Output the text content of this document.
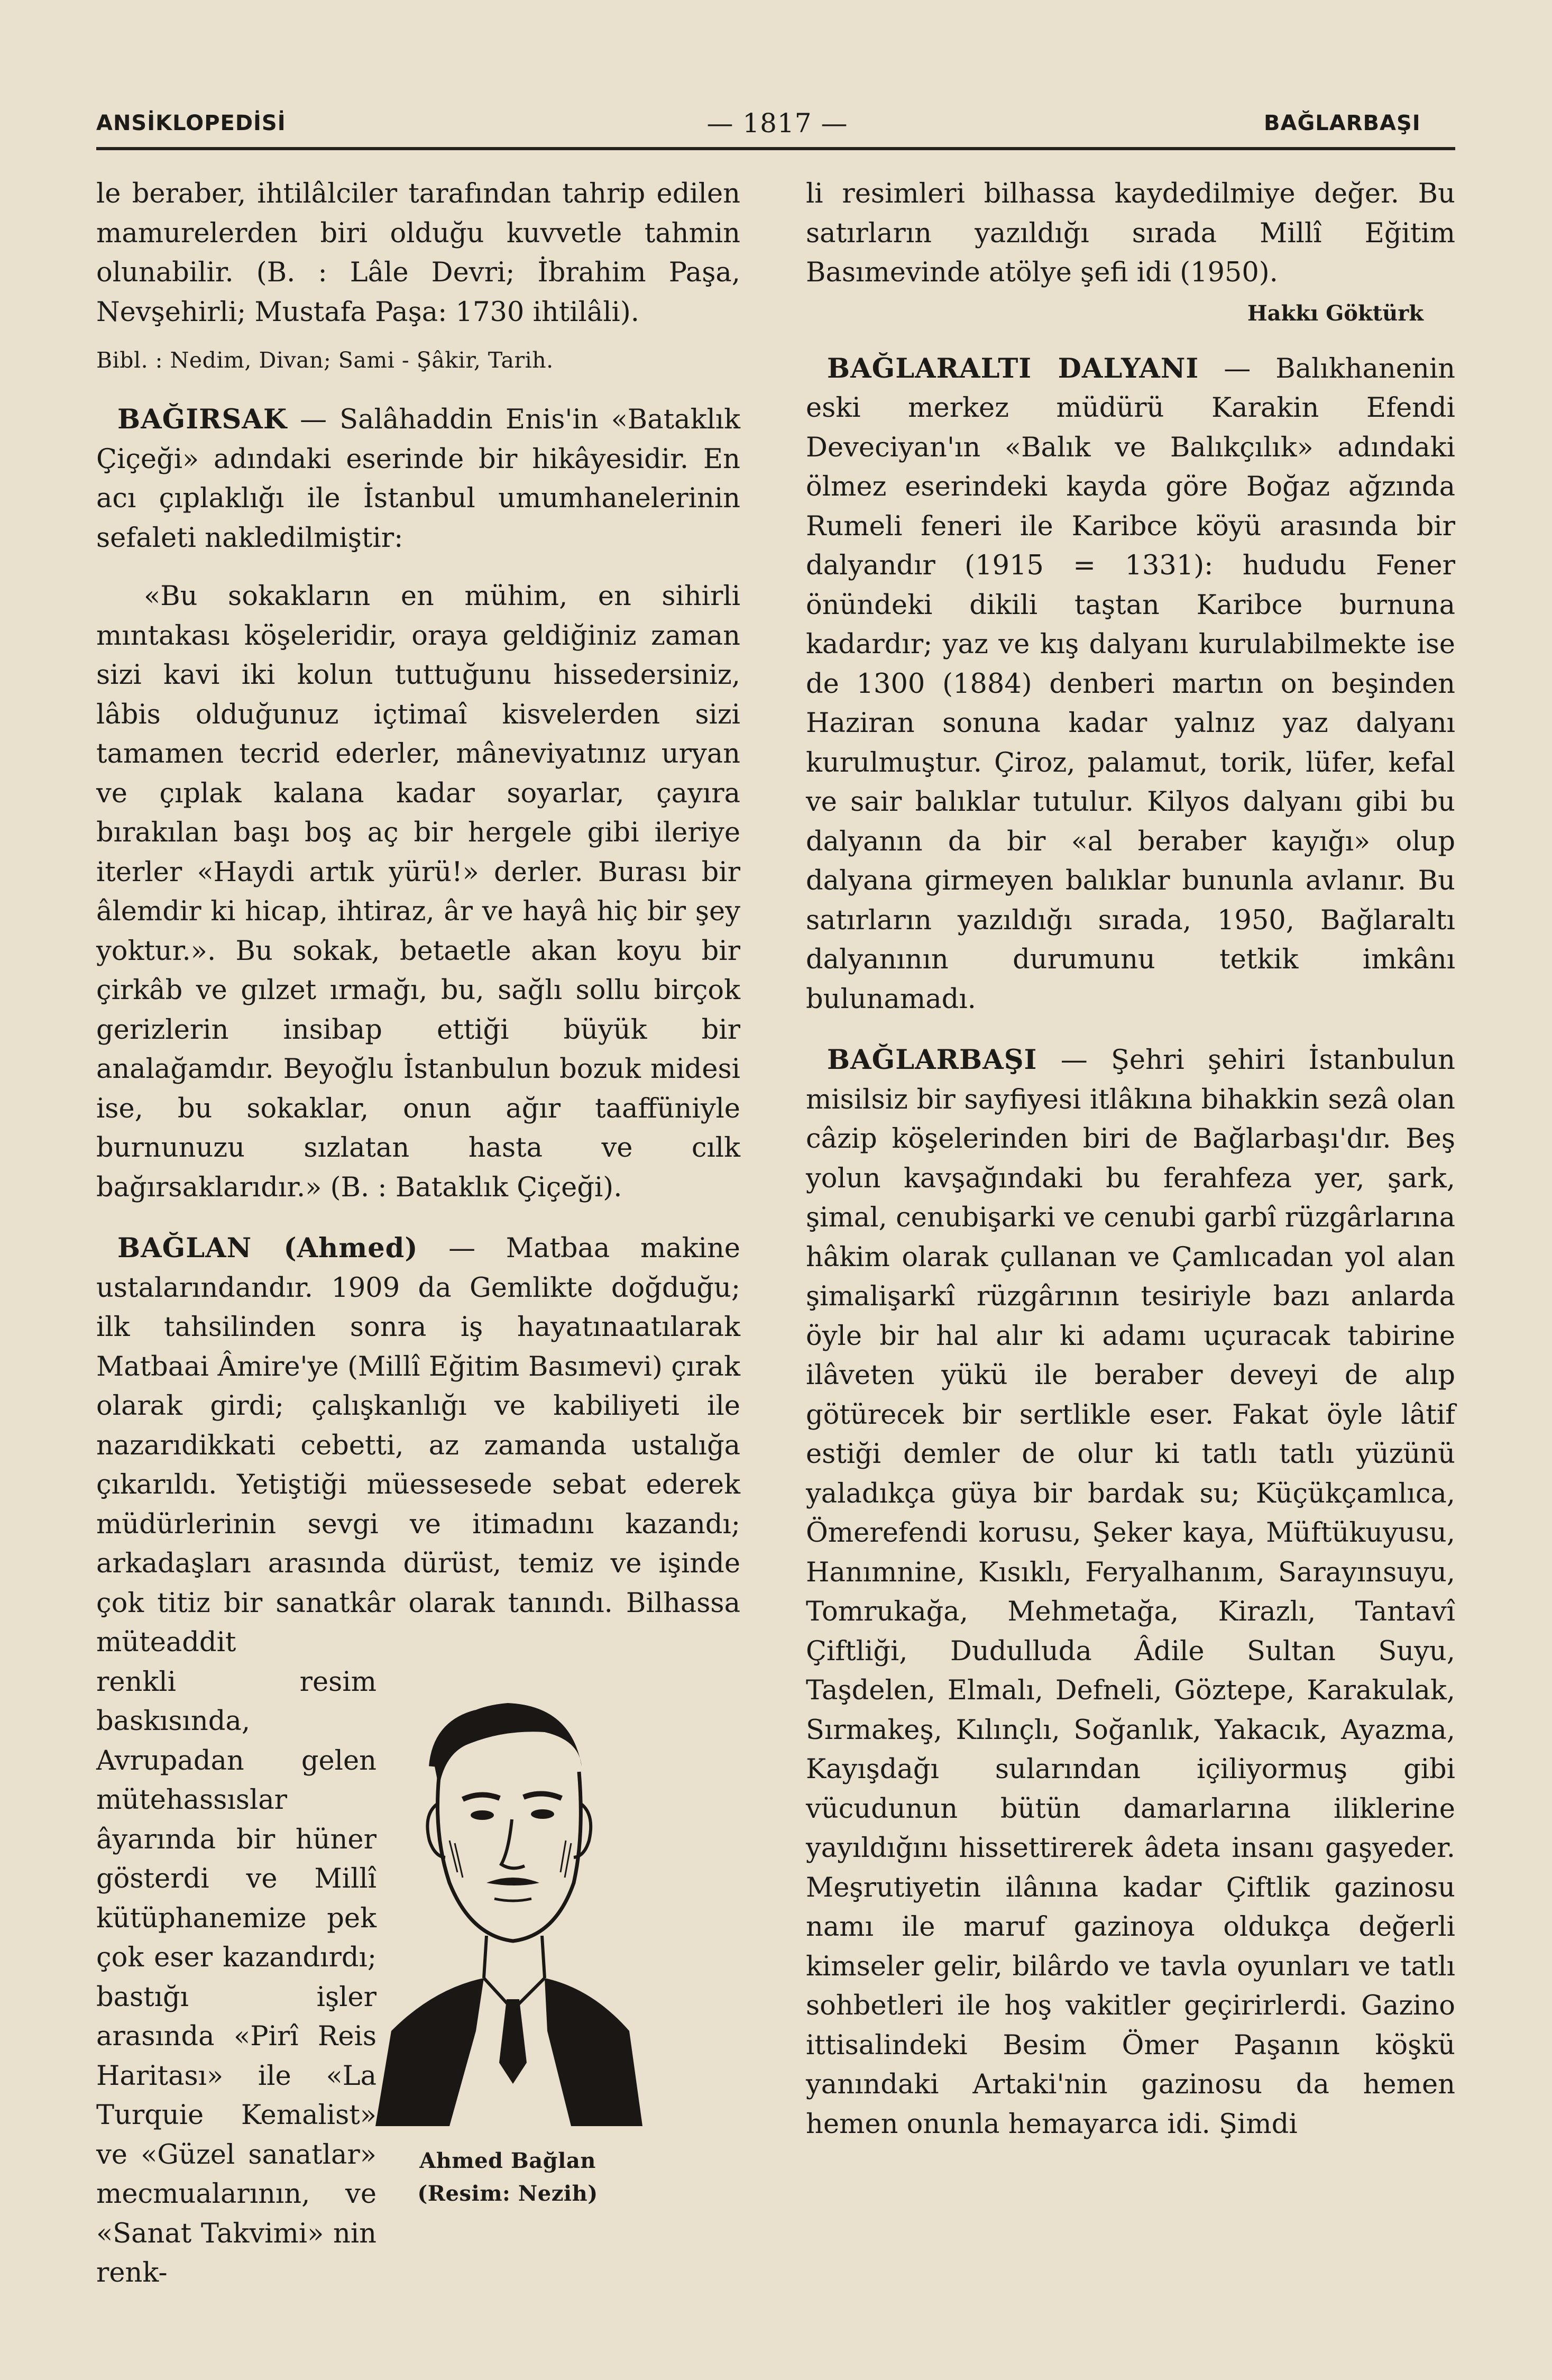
ANSİKLOPEDİSİ	— 1817 —	BAĞLARBAŞI

le beraber, ihtilâlciler tarafından tahrip edilen mamurelerden biri olduğu kuvvetle tahmin olunabilir. (B. : Lâle Devri; İbrahim Paşa, Nevşehirli; Mustafa Paşa: 1730 ihtilâli).

Bibl. : Nedim, Divan; Sami - Şâkir, Tarih.

BAĞIRSAK — Salâhaddin Enis'in «Bataklık Çiçeği» adındaki eserinde bir hikâyesidir. En acı çıplaklığı ile İstanbul umumhanelerinin sefaleti nakledilmiştir:

«Bu sokakların en mühim, en sihirli mıntakası köşeleridir, oraya geldiğiniz zaman sizi kavi iki kolun tuttuğunu hissedersiniz, lâbis olduğunuz içtimaî kisvelerden sizi tamamen tecrid ederler, mâneviyatınız uryan ve çıplak kalana kadar soyarlar, çayıra bırakılan başı boş aç bir hergele gibi ileriye iterler «Haydi artık yürü!» derler. Burası bir âlemdir ki hicap, ihtiraz, âr ve hayâ hiç bir şey yoktur.». Bu sokak, betaetle akan koyu bir çirkâb ve gılzet ırmağı, bu, sağlı sollu birçok gerizlerin insibap ettiği büyük bir analağamdır. Beyoğlu İstanbulun bozuk midesi ise, bu sokaklar, onun ağır taaffüniyle burnunuzu sızlatan hasta ve cılk bağırsaklarıdır.» (B. : Bataklık Çiçeği).

BAĞLAN (Ahmed) — Matbaa makine ustalarındandır. 1909 da Gemlikte doğduğu; ilk tahsilinden sonra iş hayatınaatılarak Matbaai Âmire'ye (Millî Eğitim Basımevi) çırak olarak girdi; çalışkanlığı ve kabiliyeti ile nazarıdikkati cebetti, az zamanda ustalığa çıkarıldı. Yetiştiği müessesede sebat ederek müdürlerinin sevgi ve itimadını kazandı; arkadaşları arasında dürüst, temiz ve işinde çok titiz bir sanatkâr olarak tanındı. Bilhassa müteaddit

renkli resim baskısında, Avrupadan gelen mütehassıslar âyarında bir hüner gösterdi ve Millî kütüphanemize pek çok eser kazandırdı; bastığı işler arasında «Pirî Reis Haritası» ile «La Turquie Kemalist» ve «Güzel sanatlar» mecmualarının, ve «Sanat Takvimi» nin renk-

Ahmed Bağlan
(Resim: Nezih)

li resimleri bilhassa kaydedilmiye değer. Bu satırların yazıldığı sırada Millî Eğitim Basımevinde atölye şefi idi (1950).

Hakkı Göktürk

BAĞLARALTI DALYANI — Balıkhanenin eski merkez müdürü Karakin Efendi Deveciyan'ın «Balık ve Balıkçılık» adındaki ölmez eserindeki kayda göre Boğaz ağzında Rumeli feneri ile Karibce köyü arasında bir dalyandır (1915 = 1331): hududu Fener önündeki dikili taştan Karibce burnuna kadardır; yaz ve kış dalyanı kurulabilmekte ise de 1300 (1884) denberi martın on beşinden Haziran sonuna kadar yalnız yaz dalyanı kurulmuştur. Çiroz, palamut, torik, lüfer, kefal ve sair balıklar tutulur. Kilyos dalyanı gibi bu dalyanın da bir «al beraber kayığı» olup dalyana girmeyen balıklar bununla avlanır. Bu satırların yazıldığı sırada, 1950, Bağlaraltı dalyanının durumunu tetkik imkânı bulunamadı.

BAĞLARBAŞI — Şehri şehiri İstanbulun misilsiz bir sayfiyesi itlâkına bihakkin sezâ olan câzip köşelerinden biri de Bağlarbaşı'dır. Beş yolun kavşağındaki bu ferahfeza yer, şark, şimal, cenubişarki ve cenubi garbî rüzgârlarına hâkim olarak çullanan ve Çamlıcadan yol alan şimalişarkî rüzgârının tesiriyle bazı anlarda öyle bir hal alır ki adamı uçuracak tabirine ilâveten yükü ile beraber deveyi de alıp götürecek bir sertlikle eser. Fakat öyle lâtif estiği demler de olur ki tatlı tatlı yüzünü yaladıkça güya bir bardak su; Küçükçamlıca, Ömerefendi korusu, Şeker kaya, Müftükuyusu, Hanımnine, Kısıklı, Feryalhanım, Sarayınsuyu, Tomrukağa, Mehmetağa, Kirazlı, Tantavî Çiftliği, Dudulluda Âdile Sultan Suyu, Taşdelen, Elmalı, Defneli, Göztepe, Karakulak, Sırmakeş, Kılınçlı, Soğanlık, Yakacık, Ayazma, Kayışdağı sularından içiliyormuş gibi vücudunun bütün damarlarına iliklerine yayıldığını hissettirerek âdeta insanı gaşyeder. Meşrutiyetin ilânına kadar Çiftlik gazinosu namı ile maruf gazinoya oldukça değerli kimseler gelir, bilârdo ve tavla oyunları ve tatlı sohbetleri ile hoş vakitler geçirirlerdi. Gazino ittisalindeki Besim Ömer Paşanın köşkü yanındaki Artaki'nin gazinosu da hemen hemen onunla hemayarca idi. Şimdi
